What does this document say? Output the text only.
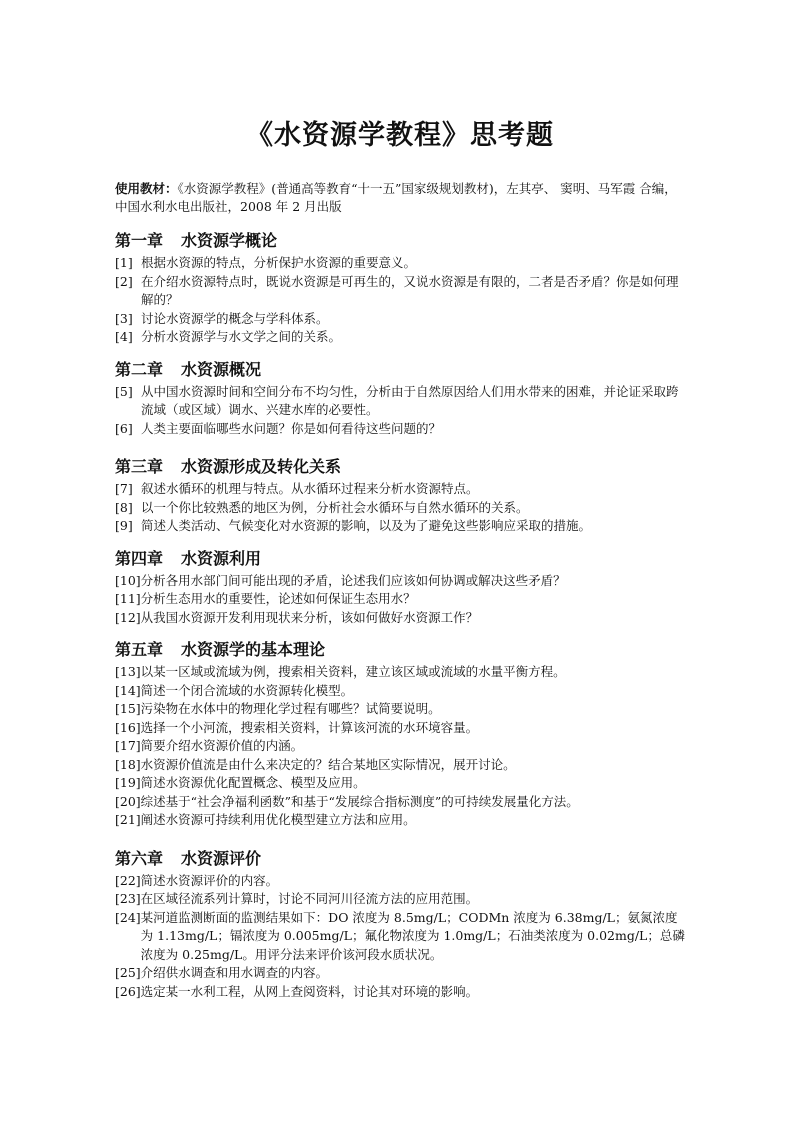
《水资源学教程》思考题

使用教材：《水资源学教程》(普通高等教育“十一五”国家级规划教材)，左其亭、 窦明、马军霞 合编，中国水利水电出版社，2008 年 2 月出版

第一章 水资源学概论
[1] 根据水资源的特点，分析保护水资源的重要意义。
[2] 在介绍水资源特点时，既说水资源是可再生的，又说水资源是有限的，二者是否矛盾？你是如何理解的？
[3] 讨论水资源学的概念与学科体系。
[4] 分析水资源学与水文学之间的关系。
第二章 水资源概况
[5] 从中国水资源时间和空间分布不均匀性，分析由于自然原因给人们用水带来的困难，并论证采取跨流域（或区域）调水、兴建水库的必要性。
[6] 人类主要面临哪些水问题？你是如何看待这些问题的？
第三章 水资源形成及转化关系
[7] 叙述水循环的机理与特点。从水循环过程来分析水资源特点。
[8] 以一个你比较熟悉的地区为例，分析社会水循环与自然水循环的关系。
[9] 简述人类活动、气候变化对水资源的影响，以及为了避免这些影响应采取的措施。
第四章 水资源利用
[10] 分析各用水部门间可能出现的矛盾，论述我们应该如何协调或解决这些矛盾？
[11] 分析生态用水的重要性，论述如何保证生态用水？
[12] 从我国水资源开发利用现状来分析，该如何做好水资源工作？
第五章 水资源学的基本理论
[13] 以某一区域或流域为例，搜索相关资料，建立该区域或流域的水量平衡方程。
[14] 简述一个闭合流域的水资源转化模型。
[15] 污染物在水体中的物理化学过程有哪些？试简要说明。
[16] 选择一个小河流，搜索相关资料，计算该河流的水环境容量。
[17] 简要介绍水资源价值的内涵。
[18] 水资源价值流是由什么来决定的？结合某地区实际情况，展开讨论。
[19] 简述水资源优化配置概念、模型及应用。
[20] 综述基于“社会净福利函数”和基于“发展综合指标测度”的可持续发展量化方法。
[21] 阐述水资源可持续利用优化模型建立方法和应用。
第六章 水资源评价
[22] 简述水资源评价的内容。
[23] 在区域径流系列计算时，讨论不同河川径流方法的应用范围。
[24] 某河道监测断面的监测结果如下：DO 浓度为 8.5mg/L；CODMn 浓度为 6.38mg/L；氨氮浓度为 1.13mg/L；镉浓度为 0.005mg/L；氟化物浓度为 1.0mg/L；石油类浓度为 0.02mg/L；总磷浓度为 0.25mg/L。用评分法来评价该河段水质状况。
[25] 介绍供水调查和用水调查的内容。
[26] 选定某一水利工程，从网上查阅资料，讨论其对环境的影响。
